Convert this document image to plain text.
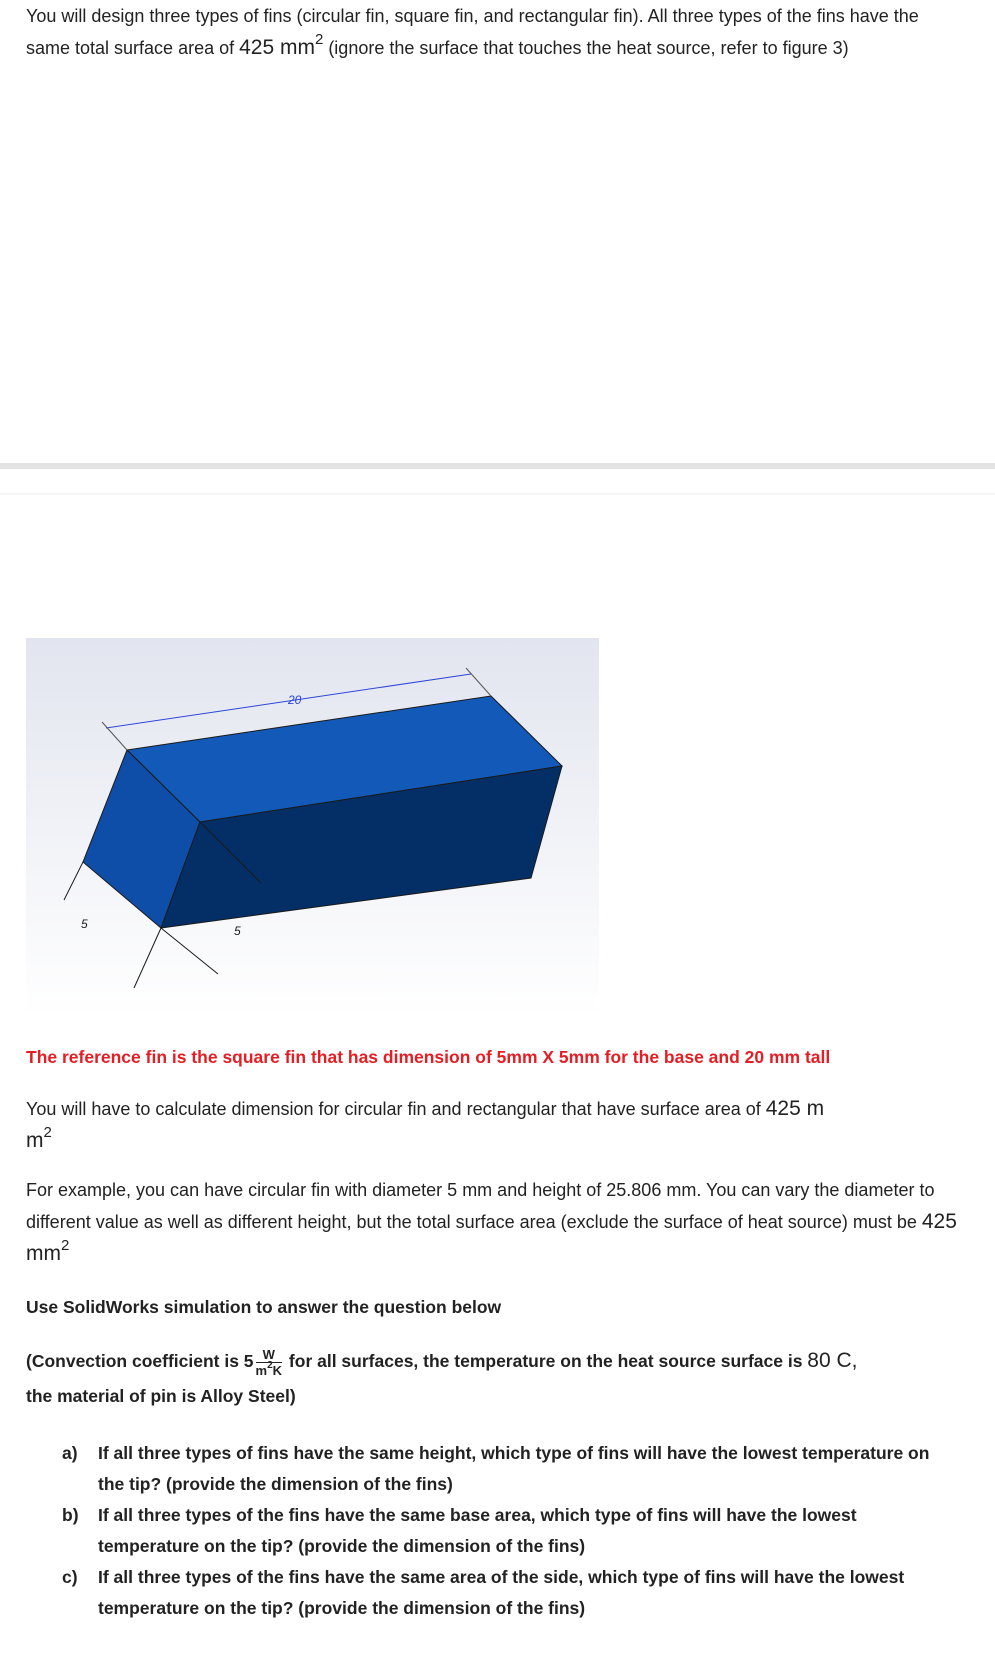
You will design three types of fins (circular fin, square fin, and rectangular fin). All three types of the fins have the same total surface area of 425 $mm^2$ (ignore the surface that touches the heat source, refer to figure 3)

20
5	5

The reference fin is the square fin that has dimension of 5mm X 5mm for the base and 20 mm tall

You will have to calculate dimension for circular fin and rectangular that have surface area of 425 m
$m^2$

For example, you can have circular fin with diameter 5 mm and height of 25.806 mm. You can vary the diameter to different value as well as different height, but the total surface area (exclude the surface of heat source) must be 425 $mm^2$

Use SolidWorks simulation to answer the question below

(Convection coefficient is $5 \frac{W}{m^2K}$ for all surfaces, the temperature on the heat source surface is 80 C,
the material of pin is Alloy Steel)
a) If all three types of fins have the same height, which type of fins will have the lowest temperature on the tip? (provide the dimension of the fins)
b) If all three types of the fins have the same base area, which type of fins will have the lowest temperature on the tip? (provide the dimension of the fins)
c) If all three types of the fins have the same area of the side, which type of fins will have the lowest temperature on the tip? (provide the dimension of the fins)
